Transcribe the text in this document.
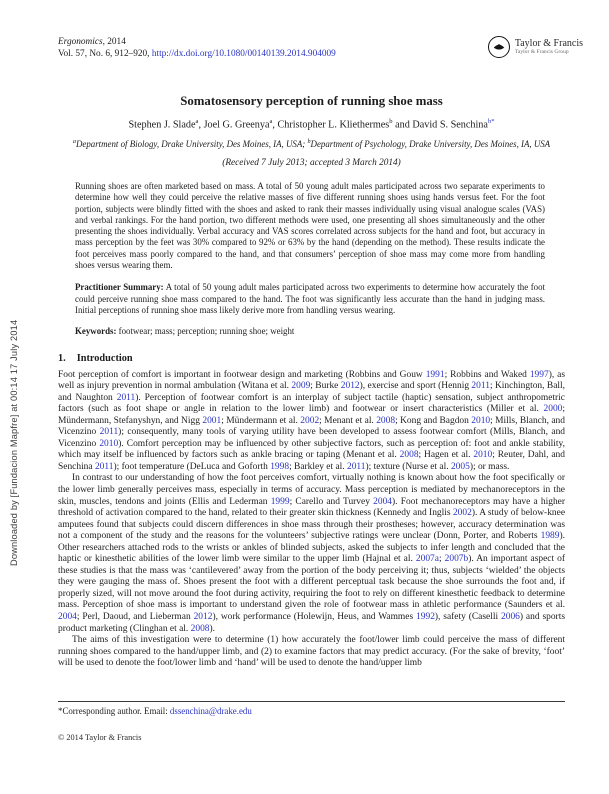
Downloaded by [Fundacion Mapfre] at 00:14 17 July 2014
Ergonomics, 2014
Vol. 57, No. 6, 912–920, http://dx.doi.org/10.1080/00140139.2014.904009
Taylor & Francis
Taylor & Francis Group
Somatosensory perception of running shoe mass
Stephen J. Slade$^a$, Joel G. Greenya$^a$, Christopher L. Kliethermes$^b$ and David S. Senchina$^{b*}$
$^a$Department of Biology, Drake University, Des Moines, IA, USA; $^b$Department of Psychology, Drake University, Des Moines, IA, USA
(Received 7 July 2013; accepted 3 March 2014)

Running shoes are often marketed based on mass. A total of 50 young adult males participated across two separate experiments to determine how well they could perceive the relative masses of five different running shoes using hands versus feet. For the foot portion, subjects were blindly fitted with the shoes and asked to rank their masses individually using visual analogue scales (VAS) and verbal rankings. For the hand portion, two different methods were used, one presenting all shoes simultaneously and the other presenting the shoes individually. Verbal accuracy and VAS scores correlated across subjects for the hand and foot, but accuracy in mass perception by the feet was 30% compared to 92% or 63% by the hand (depending on the method). These results indicate the foot perceives mass poorly compared to the hand, and that consumers’ perception of shoe mass may come more from handling shoes versus wearing them.

Practitioner Summary: A total of 50 young adult males participated across two experiments to determine how accurately the foot could perceive running shoe mass compared to the hand. The foot was significantly less accurate than the hand in judging mass. Initial perceptions of running shoe mass likely derive more from handling versus wearing.

Keywords: footwear; mass; perception; running shoe; weight

1. Introduction

Foot perception of comfort is important in footwear design and marketing (Robbins and Gouw 1991; Robbins and Waked 1997), as well as injury prevention in normal ambulation (Witana et al. 2009; Burke 2012), exercise and sport (Hennig 2011; Kinchington, Ball, and Naughton 2011). Perception of footwear comfort is an interplay of subject tactile (haptic) sensation, subject anthropometric factors (such as foot shape or angle in relation to the lower limb) and footwear or insert characteristics (Miller et al. 2000; Mündermann, Stefanyshyn, and Nigg 2001; Mündermann et al. 2002; Menant et al. 2008; Kong and Bagdon 2010; Mills, Blanch, and Vicenzino 2011); consequently, many tools of varying utility have been developed to assess footwear comfort (Mills, Blanch, and Vicenzino 2010). Comfort perception may be influenced by other subjective factors, such as perception of: foot and ankle stability, which may itself be influenced by factors such as ankle bracing or taping (Menant et al. 2008; Hagen et al. 2010; Reuter, Dahl, and Senchina 2011); foot temperature (DeLuca and Goforth 1998; Barkley et al. 2011); texture (Nurse et al. 2005); or mass.

In contrast to our understanding of how the foot perceives comfort, virtually nothing is known about how the foot specifically or the lower limb generally perceives mass, especially in terms of accuracy. Mass perception is mediated by mechanoreceptors in the skin, muscles, tendons and joints (Ellis and Lederman 1999; Carello and Turvey 2004). Foot mechanoreceptors may have a higher threshold of activation compared to the hand, related to their greater skin thickness (Kennedy and Inglis 2002). A study of below-knee amputees found that subjects could discern differences in shoe mass through their prostheses; however, accuracy determination was not a component of the study and the reasons for the volunteers’ subjective ratings were unclear (Donn, Porter, and Roberts 1989). Other researchers attached rods to the wrists or ankles of blinded subjects, asked the subjects to infer length and concluded that the haptic or kinesthetic abilities of the lower limb were similar to the upper limb (Hajnal et al. 2007a; 2007b). An important aspect of these studies is that the mass was ‘cantilevered’ away from the portion of the body perceiving it; thus, subjects ‘wielded’ the objects they were gauging the mass of. Shoes present the foot with a different perceptual task because the shoe surrounds the foot and, if properly sized, will not move around the foot during activity, requiring the foot to rely on different kinesthetic feedback to determine mass. Perception of shoe mass is important to understand given the role of footwear mass in athletic performance (Saunders et al. 2004; Perl, Daoud, and Lieberman 2012), work performance (Holewijn, Heus, and Wammes 1992), safety (Caselli 2006) and sports product marketing (Clinghan et al. 2008).

The aims of this investigation were to determine (1) how accurately the foot/lower limb could perceive the mass of different running shoes compared to the hand/upper limb, and (2) to examine factors that may predict accuracy. (For the sake of brevity, ‘foot’ will be used to denote the foot/lower limb and ‘hand’ will be used to denote the hand/upper limb

*Corresponding author. Email: dssenchina@drake.edu
© 2014 Taylor & Francis
